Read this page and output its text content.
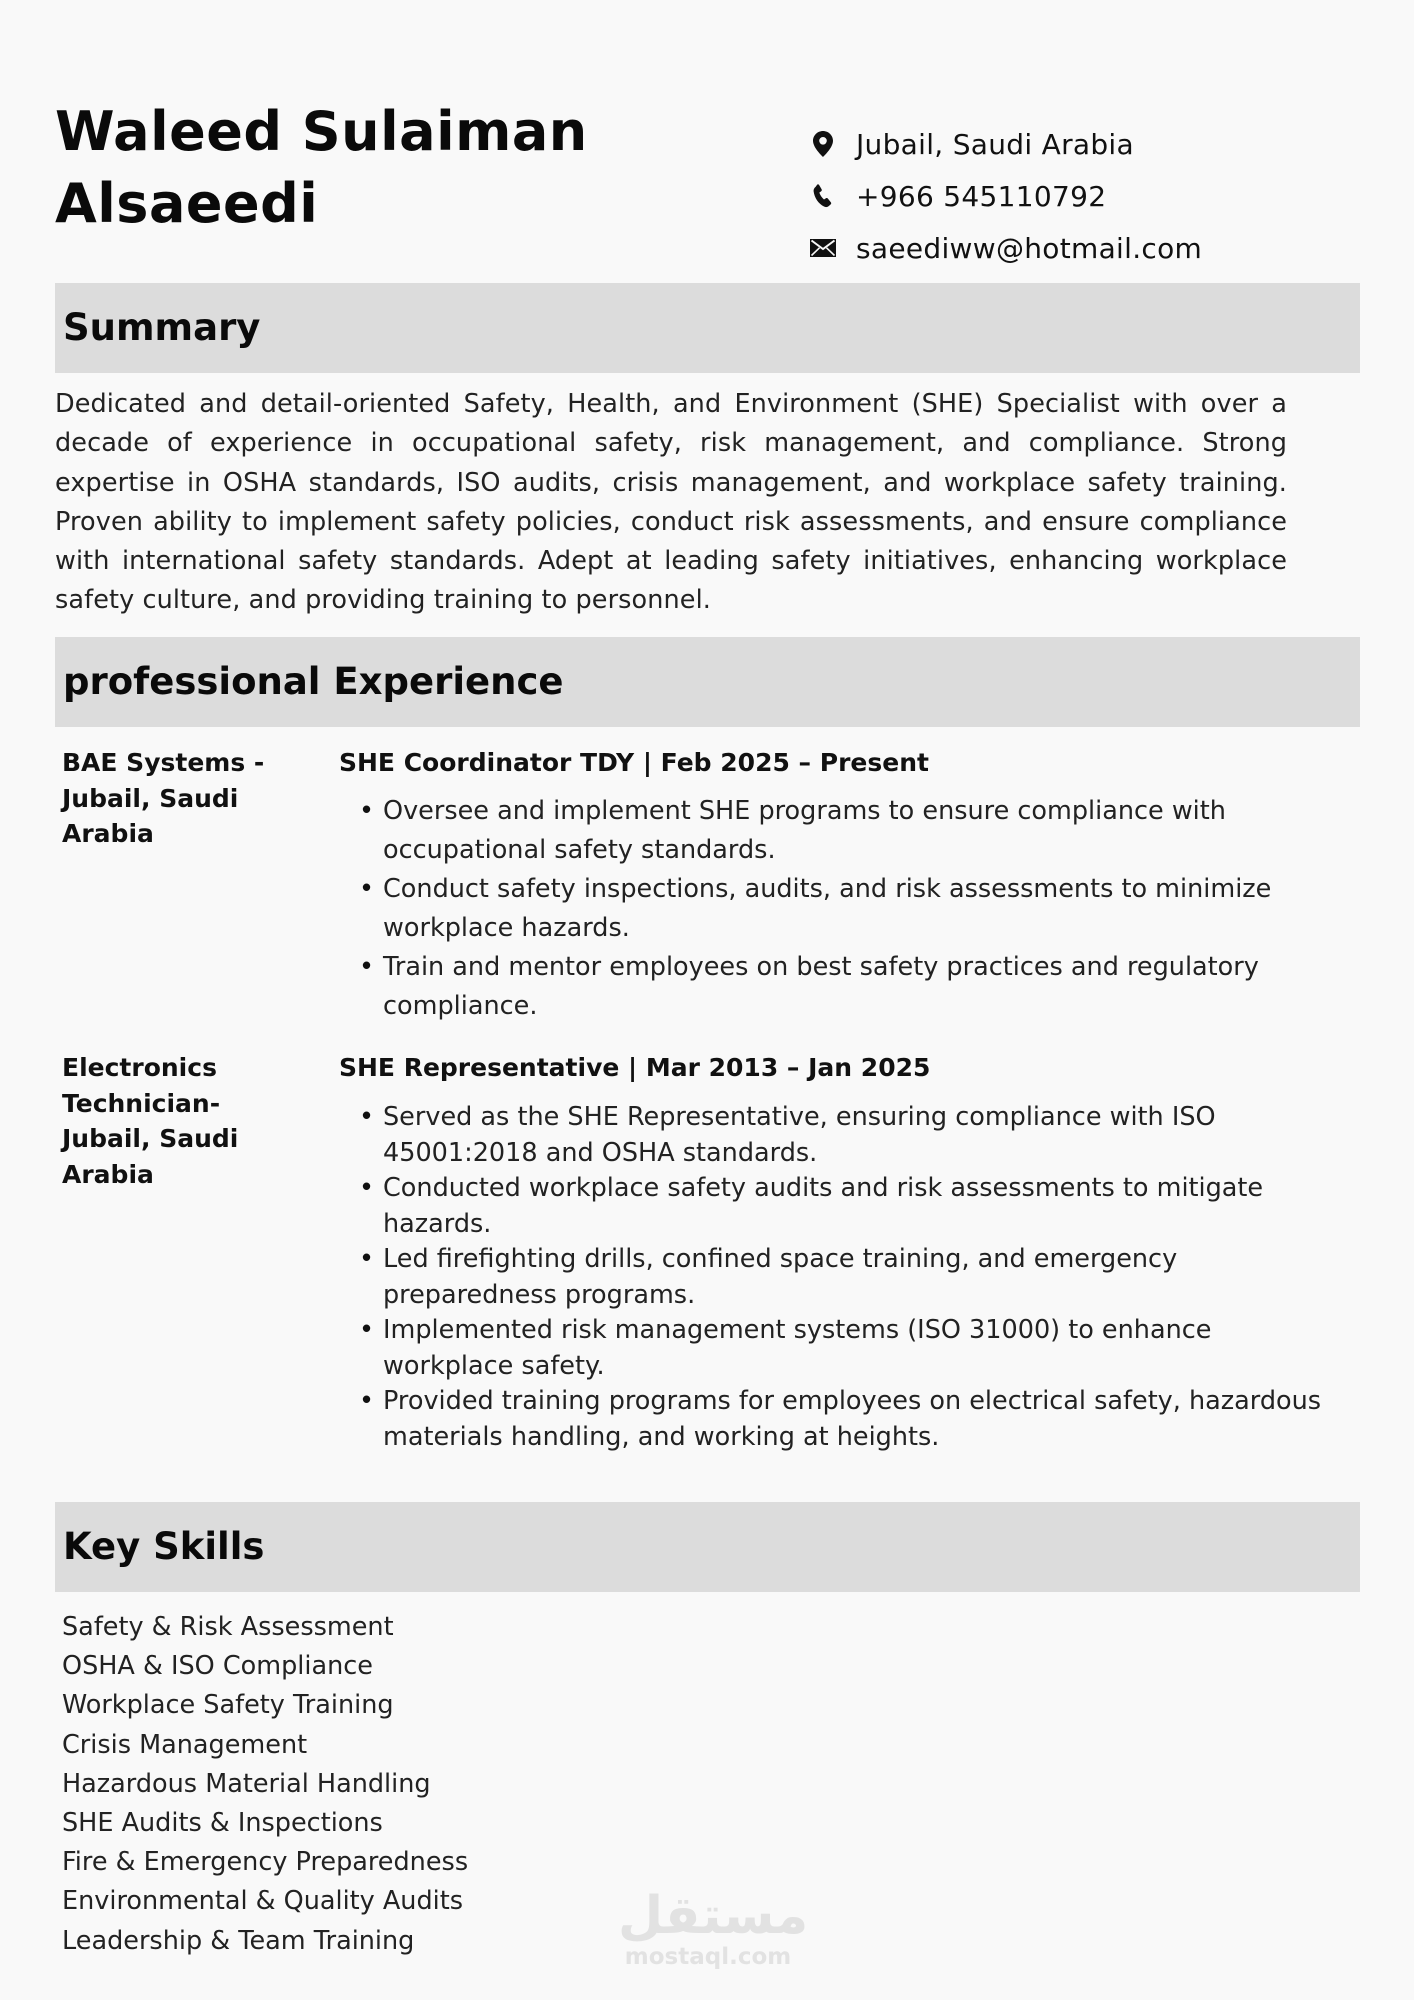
Waleed Sulaiman Alsaeedi
Jubail, Saudi Arabia
+966 545110792
saeediww@hotmail.com
Summary

Dedicated and detail-oriented Safety, Health, and Environment (SHE) Specialist with over a decade of experience in occupational safety, risk management, and compliance. Strong expertise in OSHA standards, ISO audits, crisis management, and workplace safety training. Proven ability to implement safety policies, conduct risk assessments, and ensure compliance with international safety standards. Adept at leading safety initiatives, enhancing workplace safety culture, and providing training to personnel.

professional Experience
BAE Systems - Jubail, Saudi Arabia
SHE Coordinator TDY | Feb 2025 – Present
• Oversee and implement SHE programs to ensure compliance with occupational safety standards.
• Conduct safety inspections, audits, and risk assessments to minimize workplace hazards.
• Train and mentor employees on best safety practices and regulatory compliance.
Electronics Technician- Jubail, Saudi Arabia
SHE Representative | Mar 2013 – Jan 2025
• Served as the SHE Representative, ensuring compliance with ISO 45001:2018 and OSHA standards.
• Conducted workplace safety audits and risk assessments to mitigate hazards.
• Led firefighting drills, confined space training, and emergency preparedness programs.
• Implemented risk management systems (ISO 31000) to enhance workplace safety.
• Provided training programs for employees on electrical safety, hazardous materials handling, and working at heights.
Key Skills
Safety & Risk Assessment
OSHA & ISO Compliance
Workplace Safety Training
Crisis Management
Hazardous Material Handling
SHE Audits & Inspections
Fire & Emergency Preparedness
Environmental & Quality Audits
Leadership & Team Training	مستقل
mostaql.com
